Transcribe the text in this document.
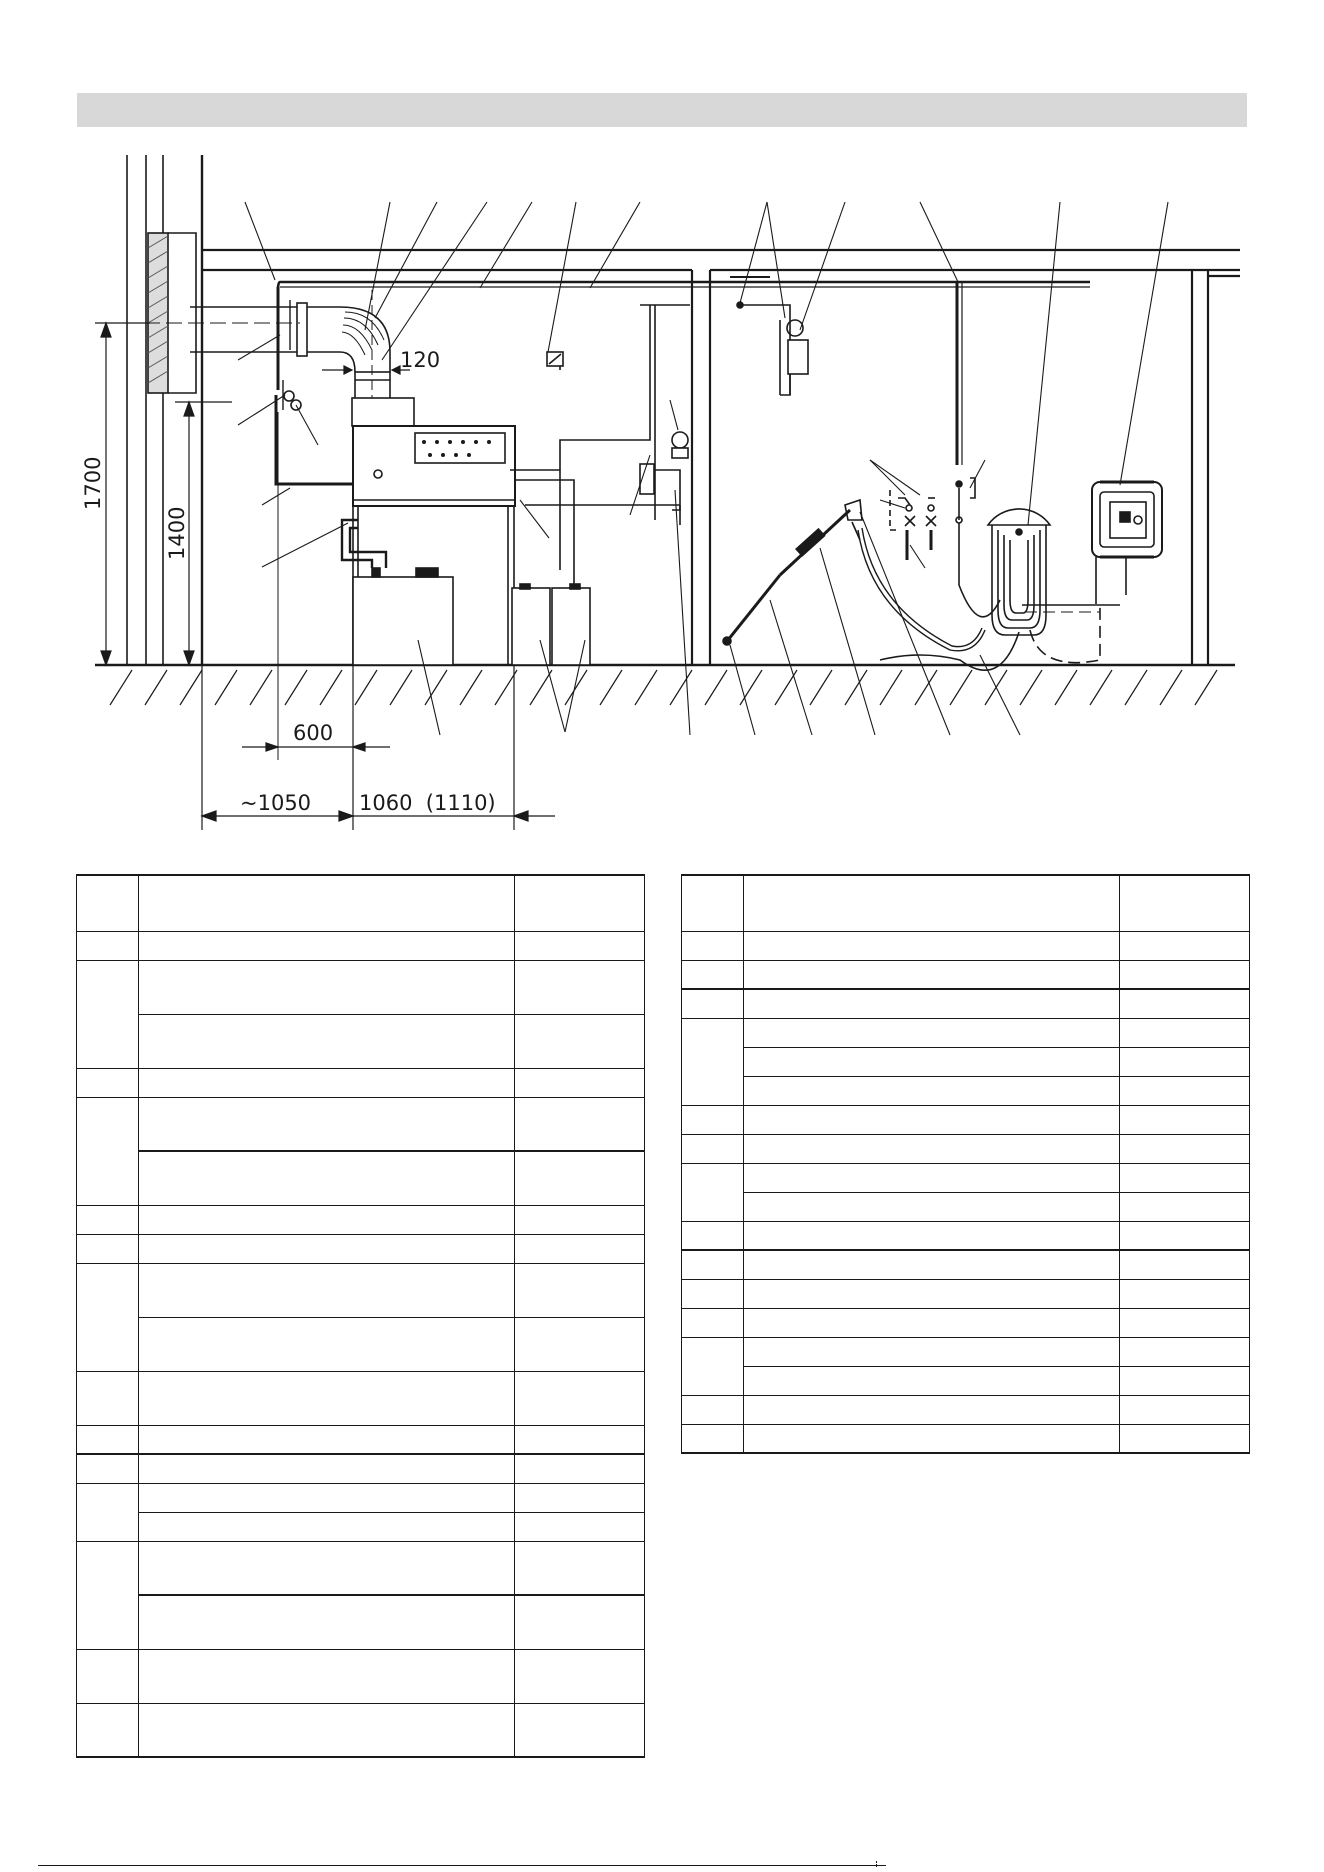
120
1700
1400
600
~1050 1060  (1110)
